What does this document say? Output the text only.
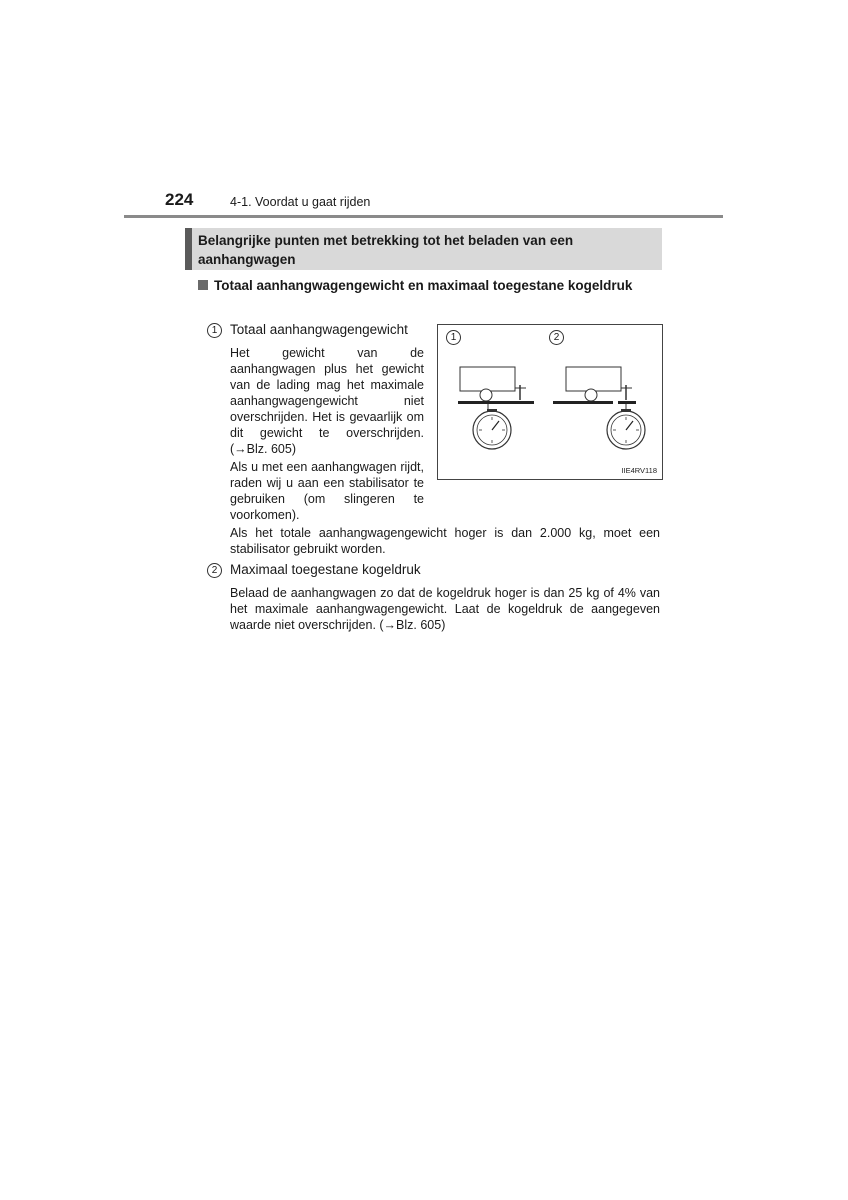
224	4-1. Voordat u gaat rijden
Belangrijke punten met betrekking tot het beladen van een aanhangwagen
Totaal aanhangwagengewicht en maximaal toegestane kogeldruk
1 Totaal aanhangwagengewicht
Het gewicht van de aanhangwagen plus het gewicht van de lading mag het maximale aanhangwagengewicht niet overschrijden. Het is gevaarlijk om dit gewicht te overschrijden. (→Blz. 605)
Als u met een aanhangwagen rijdt, raden wij u aan een stabilisator te gebruiken (om slingeren te voorkomen).
Als het totale aanhangwagengewicht hoger is dan 2.000 kg, moet een stabilisator gebruikt worden.
2 Maximaal toegestane kogeldruk
Belaad de aanhangwagen zo dat de kogeldruk hoger is dan 25 kg of 4% van het maximale aanhangwagengewicht. Laat de kogeldruk de aangegeven waarde niet overschrijden. (→Blz. 605)
1	2
IIE4RV118
